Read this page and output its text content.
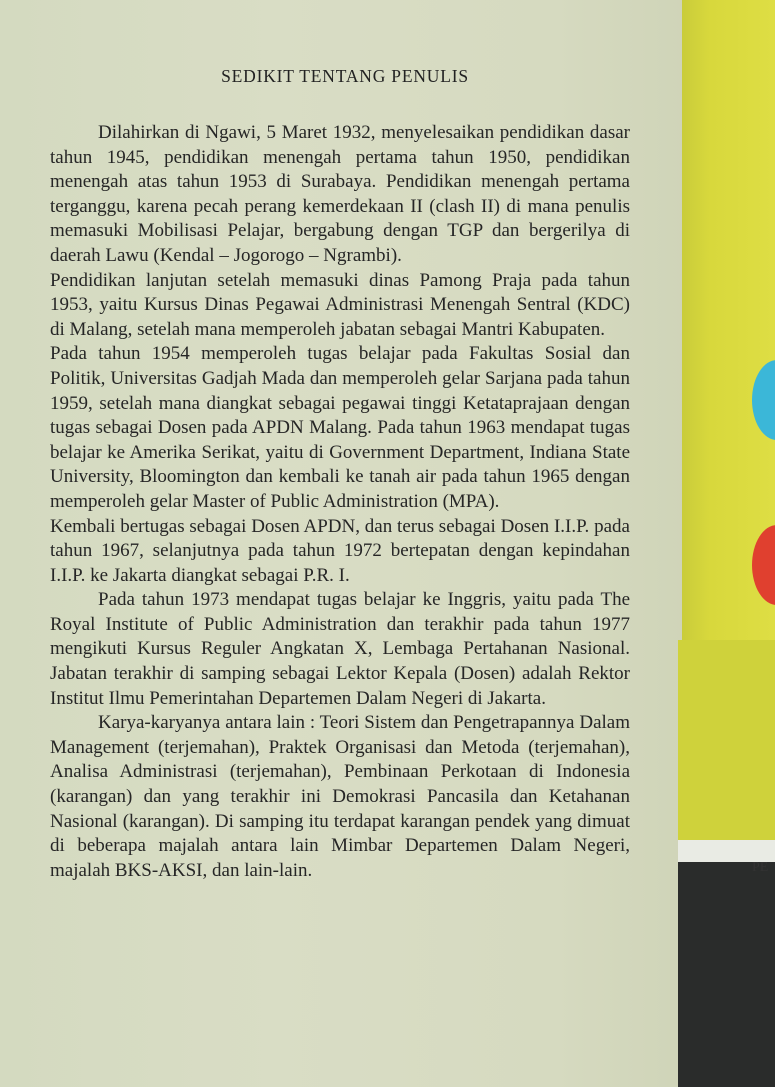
SEDIKIT TENTANG PENULIS

Dilahirkan di Ngawi, 5 Maret 1932, menyelesaikan pendidikan dasar tahun 1945, pendidikan menengah pertama tahun 1950, pendidikan menengah atas tahun 1953 di Surabaya. Pendidikan menengah pertama terganggu, karena pecah perang kemerdekaan II (clash II) di mana penulis memasuki Mobilisasi Pelajar, bergabung dengan TGP dan bergerilya di daerah Lawu (Kendal – Jogorogo – Ngrambi).

Pendidikan lanjutan setelah memasuki dinas Pamong Praja pada tahun 1953, yaitu Kursus Dinas Pegawai Administrasi Menengah Sentral (KDC) di Malang, setelah mana memperoleh jabatan sebagai Mantri Kabupaten.

Pada tahun 1954 memperoleh tugas belajar pada Fakultas Sosial dan Politik, Universitas Gadjah Mada dan memperoleh gelar Sarjana pada tahun 1959, setelah mana diangkat sebagai pegawai tinggi Ketataprajaan dengan tugas sebagai Dosen pada APDN Malang. Pada tahun 1963 mendapat tugas belajar ke Amerika Serikat, yaitu di Government Department, Indiana State University, Bloomington dan kembali ke tanah air pada tahun 1965 dengan memperoleh gelar Master of Public Administration (MPA).

Kembali bertugas sebagai Dosen APDN, dan terus sebagai Dosen I.I.P. pada tahun 1967, selanjutnya pada tahun 1972 bertepatan dengan kepindahan I.I.P. ke Jakarta diangkat sebagai P.R. I.

Pada tahun 1973 mendapat tugas belajar ke Inggris, yaitu pada The Royal Institute of Public Administration dan terakhir pada tahun 1977 mengikuti Kursus Reguler Angkatan X, Lembaga Pertahanan Nasional. Jabatan terakhir di samping sebagai Lektor Kepala (Dosen) adalah Rektor Institut Ilmu Pemerintahan Departemen Dalam Negeri di Jakarta.

Karya-karyanya antara lain : Teori Sistem dan Pengetrapannya Dalam Management (terjemahan), Praktek Organisasi dan Metoda (terjemahan), Analisa Administrasi (terjemahan), Pembinaan Perkotaan di Indonesia (karangan) dan yang terakhir ini Demokrasi Pancasila dan Ketahanan Nasional (karangan). Di samping itu terdapat karangan pendek yang dimuat di beberapa majalah antara lain Mimbar Departemen Dalam Negeri, majalah BKS-AKSI, dan lain-lain.	PE
